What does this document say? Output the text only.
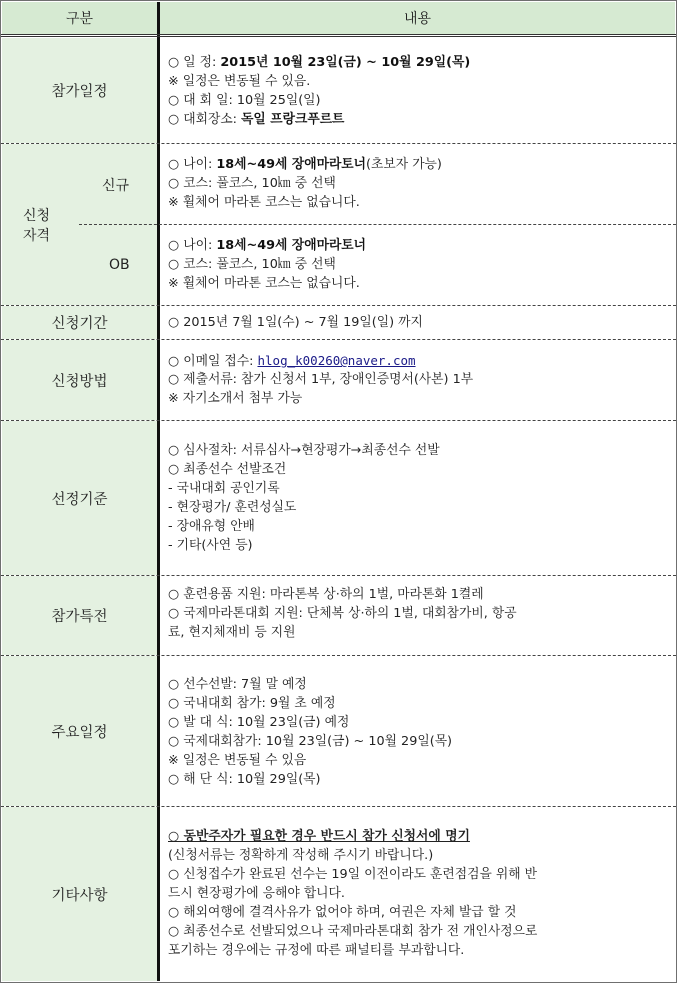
구분	내용
참가일정
신청기간
신청방법
선정기준
참가특전
주요일정
기타사항
신청
자격
신규
OB
○ 일 정: 2015년 10월 23일(금) ~ 10월 29일(목)
※ 일정은 변동될 수 있음.
○ 대 회 일: 10월 25일(일)
○ 대회장소: 독일 프랑크푸르트
○ 나이: 18세~49세 장애마라토너(초보자 가능)
○ 코스: 풀코스, 10㎞ 중 선택
※ 휠체어 마라톤 코스는 없습니다.
○ 나이: 18세~49세 장애마라토너
○ 코스: 풀코스, 10㎞ 중 선택
※ 휠체어 마라톤 코스는 없습니다.
○ 2015년 7월 1일(수) ~ 7월 19일(일) 까지
○ 이메일 접수: hlog_k00260@naver.com
○ 제출서류: 참가 신청서 1부, 장애인증명서(사본) 1부
※ 자기소개서 첨부 가능
○ 심사절차: 서류심사→현장평가→최종선수 선발
○ 최종선수 선발조건
- 국내대회 공인기록
- 현장평가/ 훈련성실도
- 장애유형 안배
- 기타(사연 등)
○ 훈련용품 지원: 마라톤복 상·하의 1벌, 마라톤화 1켤레
○ 국제마라톤대회 지원: 단체복 상·하의 1벌, 대회참가비, 항공
료, 현지체재비 등 지원
○ 선수선발: 7월 말 예정
○ 국내대회 참가: 9월 초 예정
○ 발 대 식: 10월 23일(금) 예정
○ 국제대회참가: 10월 23일(금) ~ 10월 29일(목)
※ 일정은 변동될 수 있음
○ 해 단 식: 10월 29일(목)
○ 동반주자가 필요한 경우 반드시 참가 신청서에 명기
(신청서류는 정확하게 작성해 주시기 바랍니다.)
○ 신청접수가 완료된 선수는 19일 이전이라도 훈련점검을 위해 반
드시 현장평가에 응해야 합니다.
○ 해외여행에 결격사유가 없어야 하며, 여권은 자체 발급 할 것
○ 최종선수로 선발되었으나 국제마라톤대회 참가 전 개인사정으로
포기하는 경우에는 규정에 따른 패널티를 부과합니다.
